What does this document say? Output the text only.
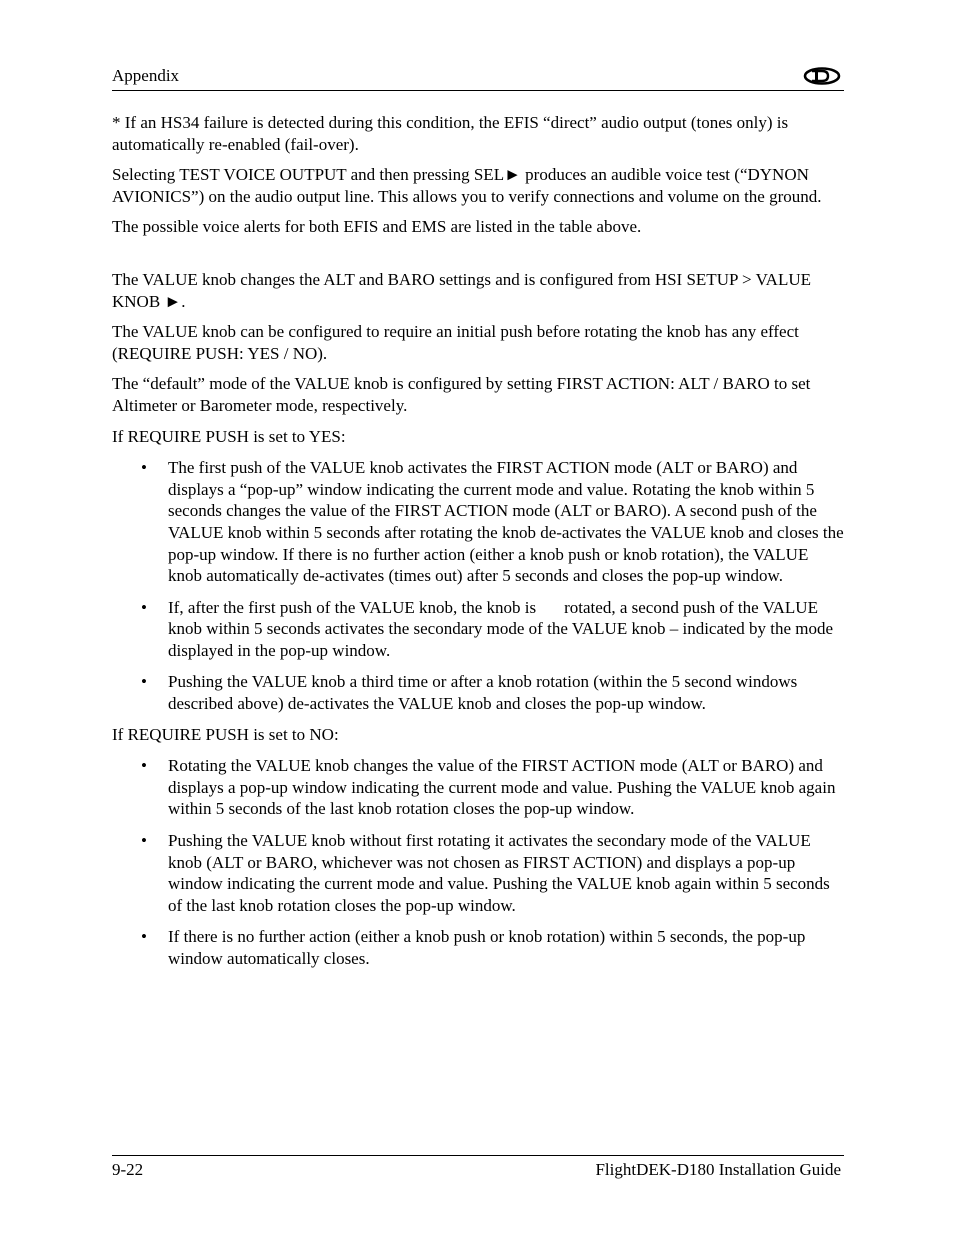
Appendix

* If an HS34 failure is detected during this condition, the EFIS “direct” audio output (tones only) is automatically re-enabled (fail-over).

Selecting TEST VOICE OUTPUT and then pressing SEL► produces an audible voice test (“DYNON AVIONICS”) on the audio output line. This allows you to verify connections and volume on the ground.

The possible voice alerts for both EFIS and EMS are listed in the table above.

The VALUE knob changes the ALT and BARO settings and is configured from HSI SETUP > VALUE KNOB ►.

The VALUE knob can be configured to require an initial push before rotating the knob has any effect (REQUIRE PUSH: YES / NO).

The “default” mode of the VALUE knob is configured by setting FIRST ACTION: ALT / BARO to set Altimeter or Barometer mode, respectively.

If REQUIRE PUSH is set to YES:

• The first push of the VALUE knob activates the FIRST ACTION mode (ALT or BARO) and displays a “pop-up” window indicating the current mode and value. Rotating the knob within 5 seconds changes the value of the FIRST ACTION mode (ALT or BARO). A second push of the VALUE knob within 5 seconds after rotating the knob de-activates the VALUE knob and closes the pop-up window. If there is no further action (either a knob push or knob rotation), the VALUE knob automatically de-activates (times out) after 5 seconds and closes the pop-up window.
• If, after the first push of the VALUE knob, the knob is rotated, a second push of the VALUE knob within 5 seconds activates the secondary mode of the VALUE knob – indicated by the mode displayed in the pop-up window.
• Pushing the VALUE knob a third time or after a knob rotation (within the 5 second windows described above) de-activates the VALUE knob and closes the pop-up window.

If REQUIRE PUSH is set to NO:

• Rotating the VALUE knob changes the value of the FIRST ACTION mode (ALT or BARO) and displays a pop-up window indicating the current mode and value. Pushing the VALUE knob again within 5 seconds of the last knob rotation closes the pop-up window.
• Pushing the VALUE knob without first rotating it activates the secondary mode of the VALUE knob (ALT or BARO, whichever was not chosen as FIRST ACTION) and displays a pop-up window indicating the current mode and value. Pushing the VALUE knob again within 5 seconds of the last knob rotation closes the pop-up window.
• If there is no further action (either a knob push or knob rotation) within 5 seconds, the pop-up window automatically closes.
9-22	FlightDEK-D180 Installation Guide
